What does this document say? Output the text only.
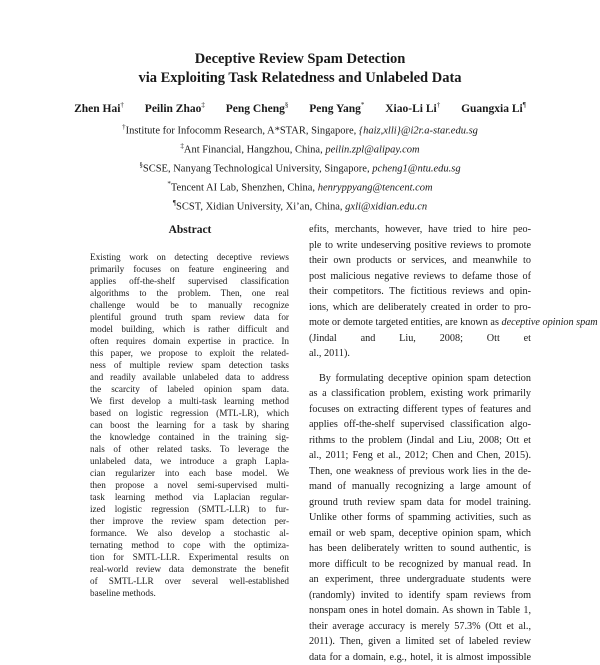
Deceptive Review Spam Detection
via Exploiting Task Relatedness and Unlabeled Data
Zhen Hai† Peilin Zhao‡ Peng Cheng§ Peng Yang* Xiao-Li Li† Guangxia Li¶
†Institute for Infocomm Research, A*STAR, Singapore, {haiz,xlli}@i2r.a-star.edu.sg
‡Ant Financial, Hangzhou, China, peilin.zpl@alipay.com
§SCSE, Nanyang Technological University, Singapore, pcheng1@ntu.edu.sg
*Tencent AI Lab, Shenzhen, China, henryppyang@tencent.com
¶SCST, Xidian University, Xi’an, China, gxli@xidian.edu.cn
Abstract
Existing work on detecting deceptive reviews
primarily focuses on feature engineering and
applies off-the-shelf supervised classification
algorithms to the problem. Then, one real
challenge would be to manually recognize
plentiful ground truth spam review data for
model building, which is rather difficult and
often requires domain expertise in practice. In
this paper, we propose to exploit the related-
ness of multiple review spam detection tasks
and readily available unlabeled data to address
the scarcity of labeled opinion spam data.
We first develop a multi-task learning method
based on logistic regression (MTL-LR), which
can boost the learning for a task by sharing
the knowledge contained in the training sig-
nals of other related tasks. To leverage the
unlabeled data, we introduce a graph Lapla-
cian regularizer into each base model. We
then propose a novel semi-supervised multi-
task learning method via Laplacian regular-
ized logistic regression (SMTL-LLR) to fur-
ther improve the review spam detection per-
formance. We also develop a stochastic al-
ternating method to cope with the optimiza-
tion for SMTL-LLR. Experimental results on
real-world review data demonstrate the benefit
of SMTL-LLR over several well-established
baseline methods.
efits, merchants, however, have tried to hire peo-
ple to write undeserving positive reviews to promote
their own products or services, and meanwhile to
post malicious negative reviews to defame those of
their competitors. The fictitious reviews and opin-
ions, which are deliberately created in order to pro-
mote or demote targeted entities, are known as deceptive opinion spam
(Jindal and Liu, 2008; Ott et
al., 2011).
By formulating deceptive opinion spam detection
as a classification problem, existing work primarily
focuses on extracting different types of features and
applies off-the-shelf supervised classification algo-
rithms to the problem (Jindal and Liu, 2008; Ott et
al., 2011; Feng et al., 2012; Chen and Chen, 2015).
Then, one weakness of previous work lies in the de-
mand of manually recognizing a large amount of
ground truth review spam data for model training.
Unlike other forms of spamming activities, such as
email or web spam, deceptive opinion spam, which
has been deliberately written to sound authentic, is
more difficult to be recognized by manual read. In
an experiment, three undergraduate students were
(randomly) invited to identify spam reviews from
nonspam ones in hotel domain. As shown in Table 1,
their average accuracy is merely 57.3% (Ott et al.,
2011). Then, given a limited set of labeled review
data for a domain, e.g., hotel, it is almost impossible
